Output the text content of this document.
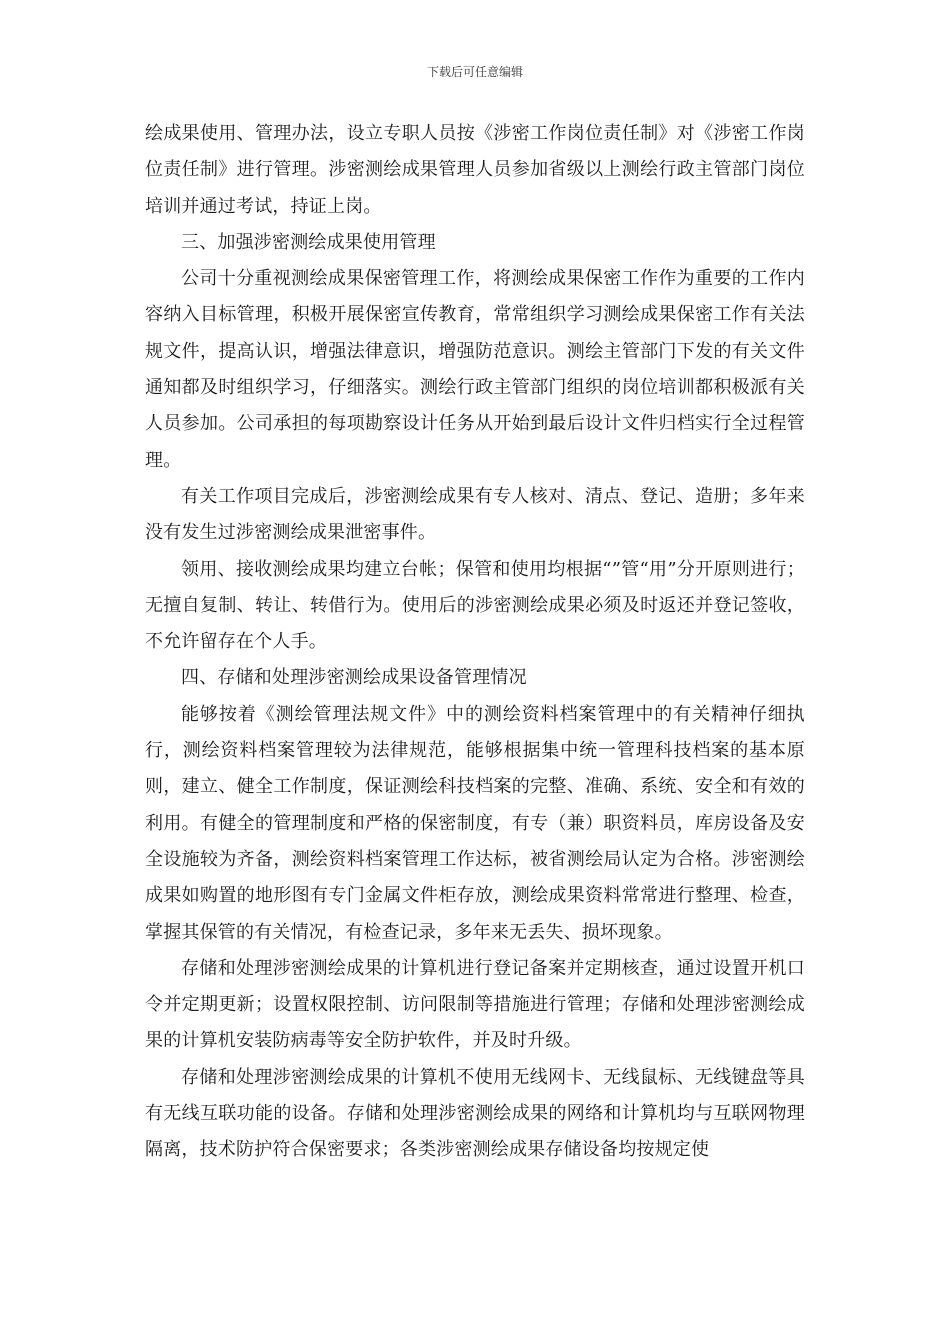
下载后可任意编辑

绘成果使用、管理办法，设立专职人员按《涉密工作岗位责任制》对《涉密工作岗位责任制》进行管理。涉密测绘成果管理人员参加省级以上测绘行政主管部门岗位培训并通过考试，持证上岗。

三、加强涉密测绘成果使用管理

公司十分重视测绘成果保密管理工作，将测绘成果保密工作作为重要的工作内容纳入目标管理，积极开展保密宣传教育，常常组织学习测绘成果保密工作有关法规文件，提高认识，增强法律意识，增强防范意识。测绘主管部门下发的有关文件通知都及时组织学习，仔细落实。测绘行政主管部门组织的岗位培训都积极派有关人员参加。公司承担的每项勘察设计任务从开始到最后设计文件归档实行全过程管理。

有关工作项目完成后，涉密测绘成果有专人核对、清点、登记、造册；多年来没有发生过涉密测绘成果泄密事件。

领用、接收测绘成果均建立台帐；保管和使用均根据“”管“用”分开原则进行；无擅自复制、转让、转借行为。使用后的涉密测绘成果必须及时返还并登记签收，不允许留存在个人手。

四、存储和处理涉密测绘成果设备管理情况

能够按着《测绘管理法规文件》中的测绘资料档案管理中的有关精神仔细执行，测绘资料档案管理较为法律规范，能够根据集中统一管理科技档案的基本原则，建立、健全工作制度，保证测绘科技档案的完整、准确、系统、安全和有效的利用。有健全的管理制度和严格的保密制度，有专（兼）职资料员，库房设备及安全设施较为齐备，测绘资料档案管理工作达标，被省测绘局认定为合格。涉密测绘成果如购置的地形图有专门金属文件柜存放，测绘成果资料常常进行整理、检查，掌握其保管的有关情况，有检查记录，多年来无丢失、损坏现象。

存储和处理涉密测绘成果的计算机进行登记备案并定期核查，通过设置开机口令并定期更新；设置权限控制、访问限制等措施进行管理；存储和处理涉密测绘成果的计算机安装防病毒等安全防护软件，并及时升级。

存储和处理涉密测绘成果的计算机不使用无线网卡、无线鼠标、无线键盘等具有无线互联功能的设备。存储和处理涉密测绘成果的网络和计算机均与互联网物理隔离，技术防护符合保密要求；各类涉密测绘成果存储设备均按规定使
